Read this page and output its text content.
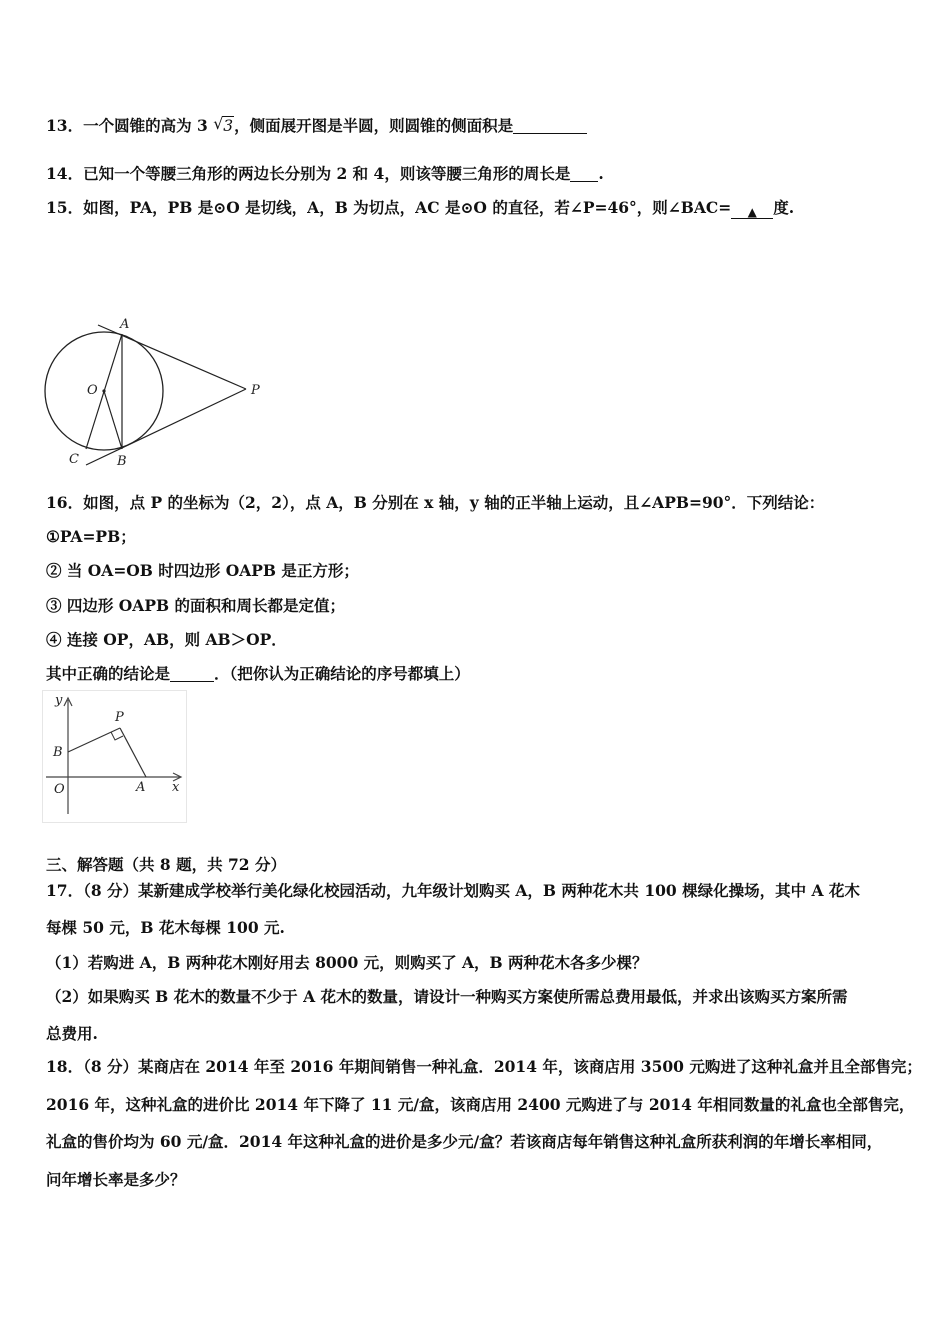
13．一个圆锥的高为 3 √ 3，侧面展开图是半圆，则圆锥的侧面积是
14．已知一个等腰三角形的两边长分别为 2 和 4，则该等腰三角形的周长是 .
15．如图，PA，PB 是⊙O 是切线，A，B 为切点，AC 是⊙O 的直径，若∠P=46°，则∠BAC= ▲ 度.
A
O	P
C	B
16．如图，点 P 的坐标为（2，2），点 A，B 分别在 x 轴，y 轴的正半轴上运动，且∠APB=90°．下列结论：
①PA=PB；
② 当 OA=OB 时四边形 OAPB 是正方形；
③ 四边形 OAPB 的面积和周长都是定值；
④ 连接 OP，AB，则 AB＞OP．
其中正确的结论是	．（把你认为正确结论的序号都填上）
y
P
B
O	A x
三、解答题（共 8 题，共 72 分）
17．（8 分）某新建成学校举行美化绿化校园活动，九年级计划购买 A，B 两种花木共 100 棵绿化操场，其中 A 花木
每棵 50 元，B 花木每棵 100 元.
（1）若购进 A，B 两种花木刚好用去 8000 元，则购买了 A，B 两种花木各多少棵？
（2）如果购买 B 花木的数量不少于 A 花木的数量，请设计一种购买方案使所需总费用最低，并求出该购买方案所需
总费用.
18．（8 分）某商店在 2014 年至 2016 年期间销售一种礼盒．2014 年，该商店用 3500 元购进了这种礼盒并且全部售完；
2016 年，这种礼盒的进价比 2014 年下降了 11 元/盒，该商店用 2400 元购进了与 2014 年相同数量的礼盒也全部售完，
礼盒的售价均为 60 元/盒．2014 年这种礼盒的进价是多少元/盒？若该商店每年销售这种礼盒所获利润的年增长率相同，
问年增长率是多少？
